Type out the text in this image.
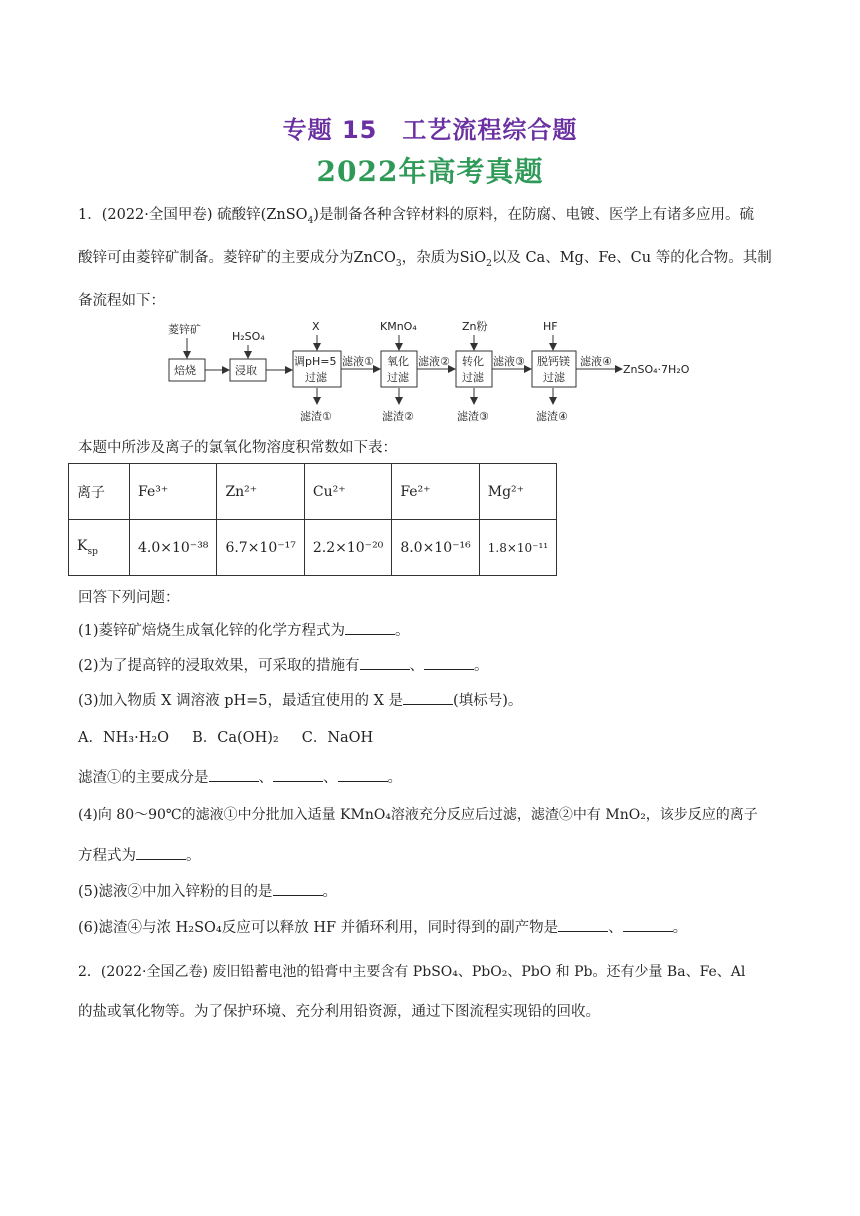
专题 15　工艺流程综合题
2022年高考真题
1．(2022·全国甲卷) 硫酸锌(ZnSO$_4$)是制备各种含锌材料的原料，在防腐、电镀、医学上有诸多应用。硫
酸锌可由菱锌矿制备。菱锌矿的主要成分为ZnCO$_3$，杂质为SiO$_2$以及 Ca、Mg、Fe、Cu 等的化合物。其制
备流程如下：
菱锌矿
H₂SO₄
X	KMnO₄	Zn粉	HF
焙烧	浸取
调pH=5
过滤
氧化
过滤
转化
过滤
脱钙镁
过滤
滤液①	滤液②	滤液③	滤液④
ZnSO₄·7H₂O
滤渣①	滤渣②	滤渣③	滤渣④
本题中所涉及离子的氯氧化物溶度积常数如下表：
离子	Fe³⁺	Zn²⁺	Cu²⁺	Fe²⁺	Mg²⁺
$K_{sp}$	4.0×10⁻³⁸	6.7×10⁻¹⁷	2.2×10⁻²⁰	8.0×10⁻¹⁶	1.8×10⁻¹¹
回答下列问题：
(1)菱锌矿焙烧生成氧化锌的化学方程式为	。
(2)为了提高锌的浸取效果，可采取的措施有	、	。
(3)加入物质 X 调溶液 pH=5，最适宜使用的 X 是	(填标号)。
A．NH₃·H₂O B．Ca(OH)₂ C．NaOH
滤渣①的主要成分是	、	、	。
(4)向 80～90℃的滤液①中分批加入适量 KMnO₄溶液充分反应后过滤，滤渣②中有 MnO₂，该步反应的离子
方程式为	。
(5)滤液②中加入锌粉的目的是	。
(6)滤渣④与浓 H₂SO₄反应可以释放 HF 并循环利用，同时得到的副产物是	、	。
2．(2022·全国乙卷) 废旧铅蓄电池的铅膏中主要含有 PbSO₄、PbO₂、PbO 和 Pb。还有少量 Ba、Fe、Al
的盐或氧化物等。为了保护环境、充分利用铅资源，通过下图流程实现铅的回收。
